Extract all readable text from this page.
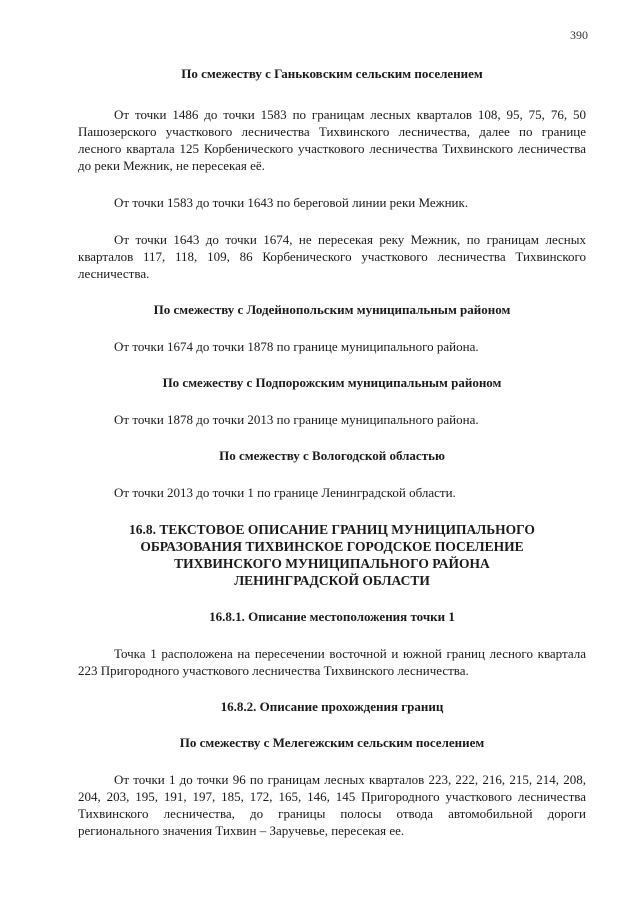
390

По смежеству с Ганьковским сельским поселением

От точки 1486 до точки 1583 по границам лесных кварталов 108, 95, 75, 76, 50 Пашозерского участкового лесничества Тихвинского лесничества, далее по границе лесного квартала 125 Корбенического участкового лесничества Тихвинского лесничества до реки Межник, не пересекая её.

От точки 1583 до точки 1643 по береговой линии реки Межник.

От точки 1643 до точки 1674, не пересекая реку Межник, по границам лесных кварталов 117, 118, 109, 86 Корбенического участкового лесничества Тихвинского лесничества.

По смежеству с Лодейнопольским муниципальным районом

От точки 1674 до точки 1878 по границе муниципального района.

По смежеству с Подпорожским муниципальным районом

От точки 1878 до точки 2013 по границе муниципального района.

По смежеству с Вологодской областью

От точки 2013 до точки 1 по границе Ленинградской области.

16.8. ТЕКСТОВОЕ ОПИСАНИЕ ГРАНИЦ МУНИЦИПАЛЬНОГО

ОБРАЗОВАНИЯ ТИХВИНСКОЕ ГОРОДСКОЕ ПОСЕЛЕНИЕ

ТИХВИНСКОГО МУНИЦИПАЛЬНОГО РАЙОНА

ЛЕНИНГРАДСКОЙ ОБЛАСТИ

16.8.1. Описание местоположения точки 1

Точка 1 расположена на пересечении восточной и южной границ лесного квартала 223 Пригородного участкового лесничества Тихвинского лесничества.

16.8.2. Описание прохождения границ

По смежеству с Мелегежским сельским поселением

От точки 1 до точки 96 по границам лесных кварталов 223, 222, 216, 215, 214, 208, 204, 203, 195, 191, 197, 185, 172, 165, 146, 145 Пригородного участкового лесничества Тихвинского лесничества, до границы полосы отвода автомобильной дороги регионального значения Тихвин – Заручевье, пересекая ее.
